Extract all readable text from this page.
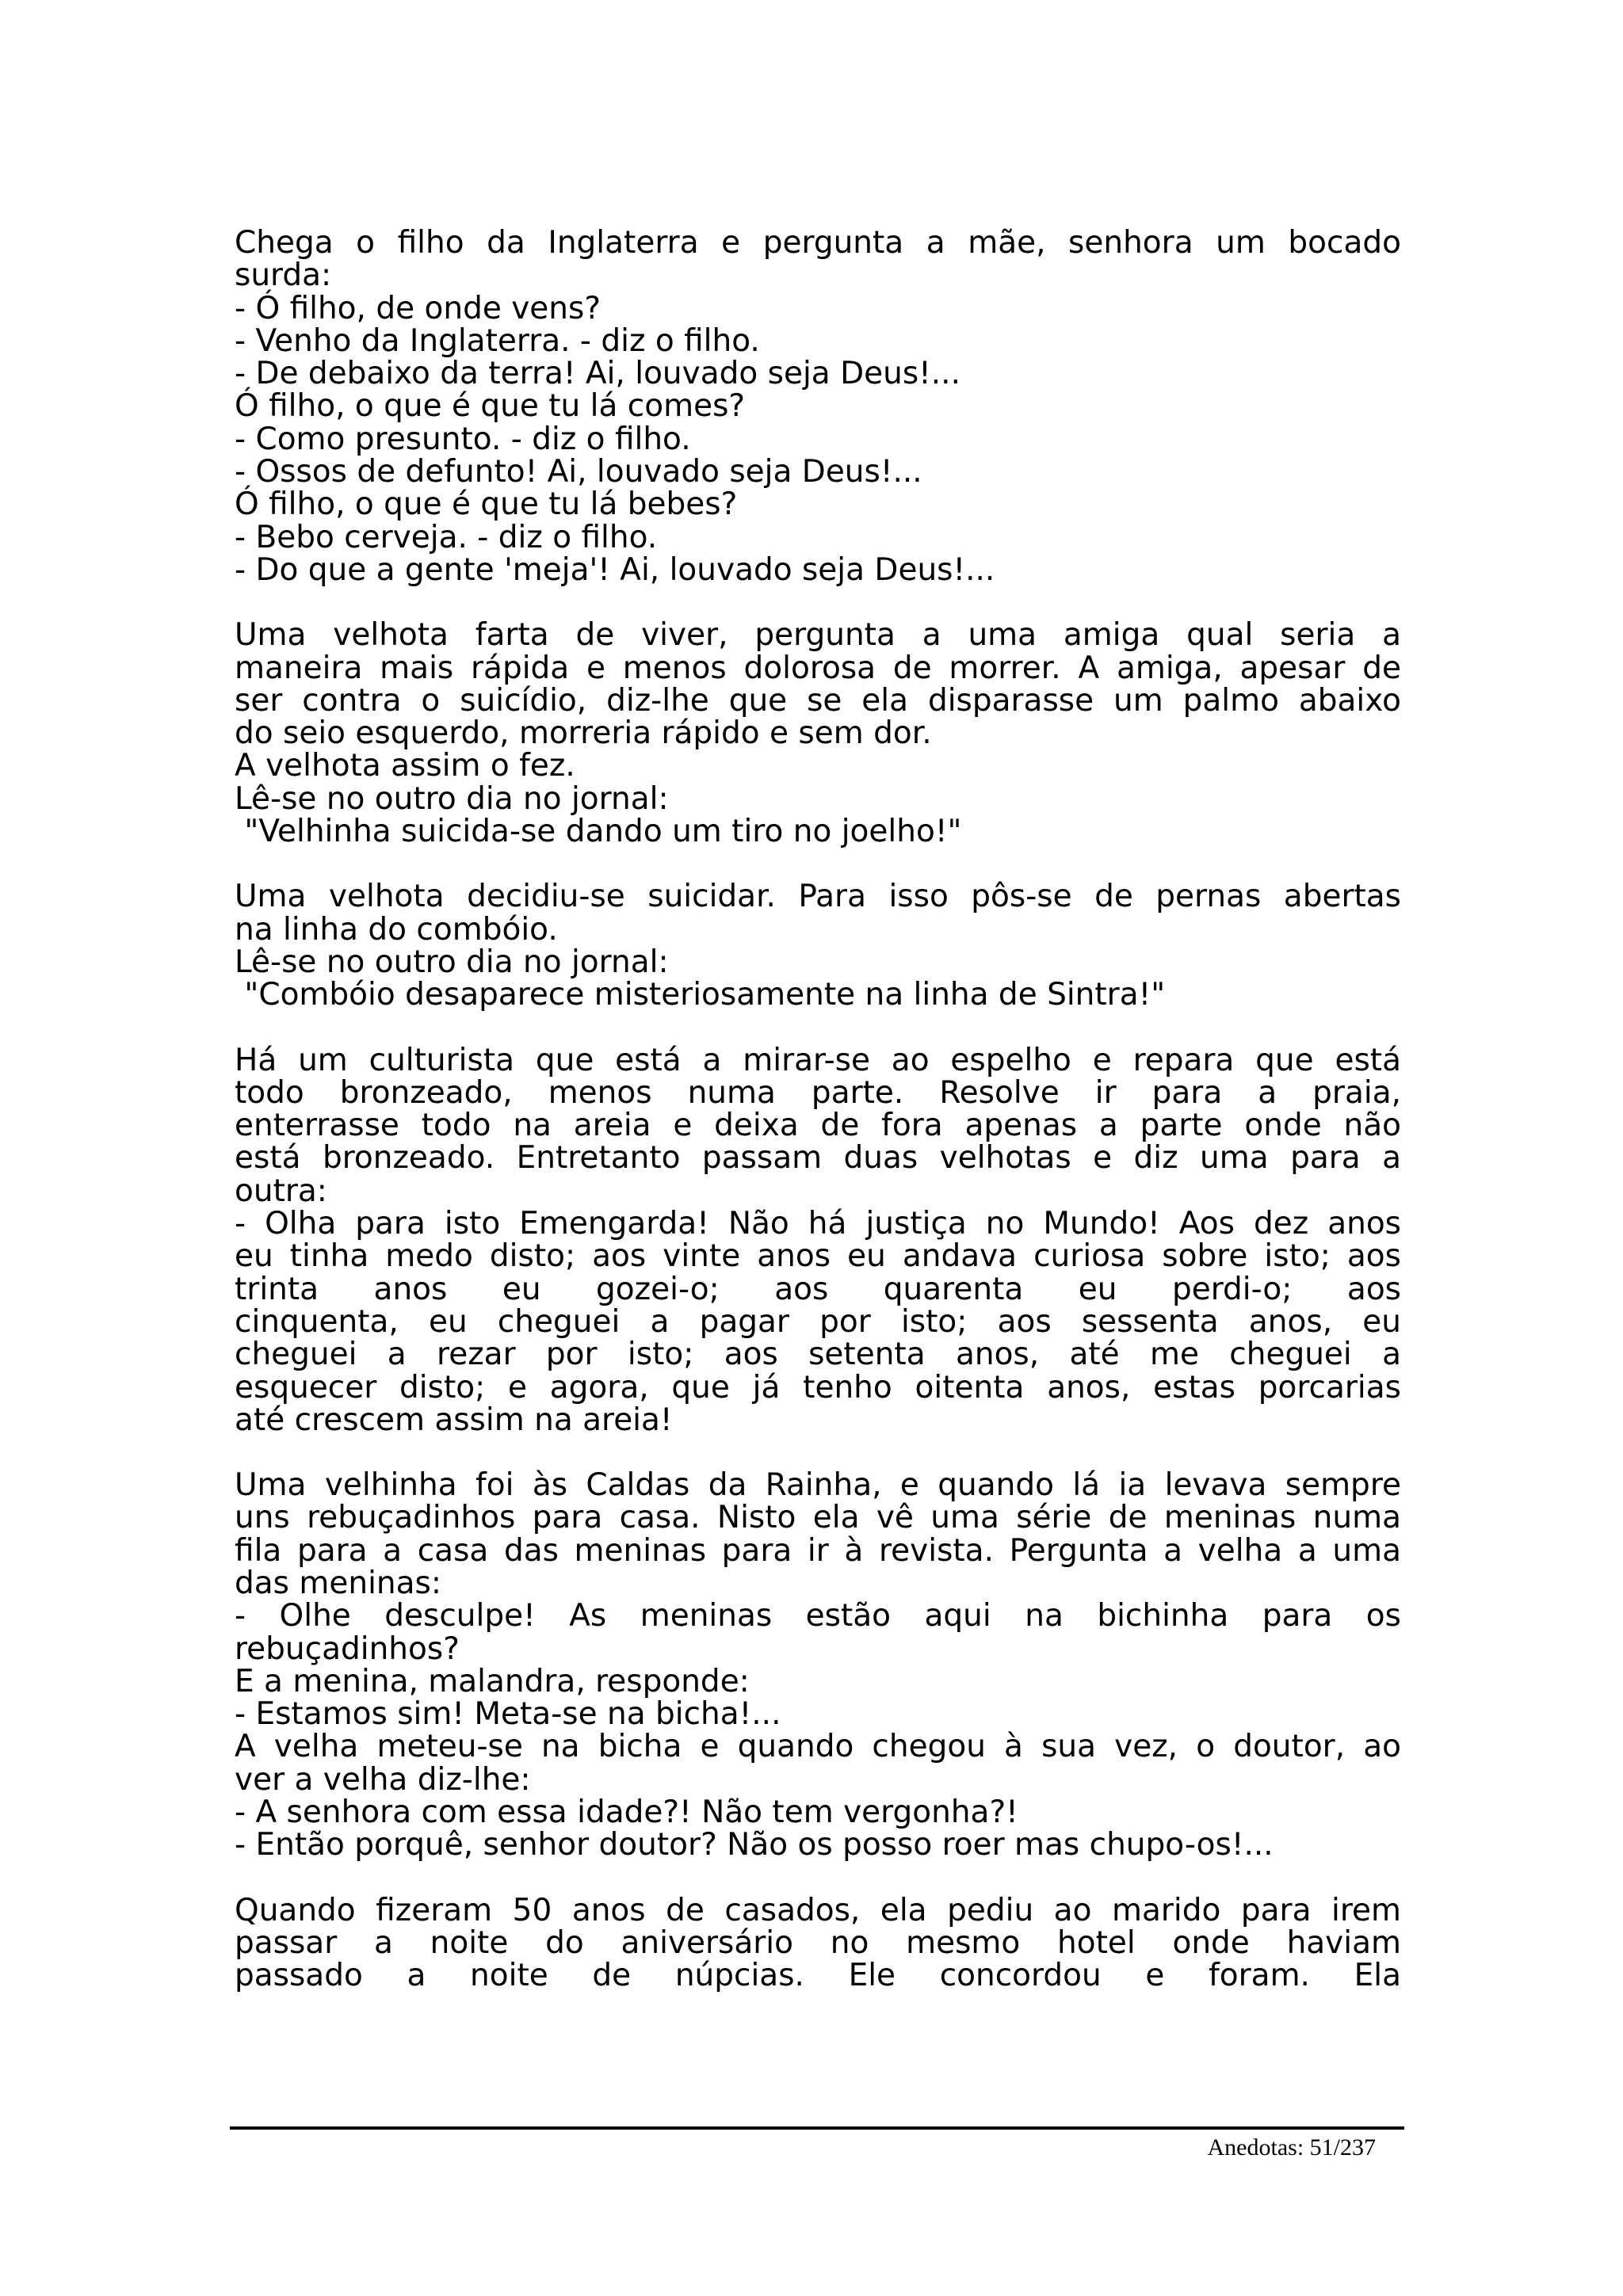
Chega o filho da Inglaterra e pergunta a mãe, senhora um bocado
surda:
- Ó filho, de onde vens?
- Venho da Inglaterra. - diz o filho.
- De debaixo da terra! Ai, louvado seja Deus!...
Ó filho, o que é que tu lá comes?
- Como presunto. - diz o filho.
- Ossos de defunto! Ai, louvado seja Deus!...
Ó filho, o que é que tu lá bebes?
- Bebo cerveja. - diz o filho.
- Do que a gente 'meja'! Ai, louvado seja Deus!...
Uma velhota farta de viver, pergunta a uma amiga qual seria a
maneira mais rápida e menos dolorosa de morrer. A amiga, apesar de
ser contra o suicídio, diz-lhe que se ela disparasse um palmo abaixo
do seio esquerdo, morreria rápido e sem dor.
A velhota assim o fez.
Lê-se no outro dia no jornal:
"Velhinha suicida-se dando um tiro no joelho!"
Uma velhota decidiu-se suicidar. Para isso pôs-se de pernas abertas
na linha do combóio.
Lê-se no outro dia no jornal:
"Combóio desaparece misteriosamente na linha de Sintra!"
Há um culturista que está a mirar-se ao espelho e repara que está
todo bronzeado, menos numa parte. Resolve ir para a praia,
enterrasse todo na areia e deixa de fora apenas a parte onde não
está bronzeado. Entretanto passam duas velhotas e diz uma para a
outra:
- Olha para isto Emengarda! Não há justiça no Mundo! Aos dez anos
eu tinha medo disto; aos vinte anos eu andava curiosa sobre isto; aos
trinta anos eu gozei-o; aos quarenta eu perdi-o; aos
cinquenta, eu cheguei a pagar por isto; aos sessenta anos, eu
cheguei a rezar por isto; aos setenta anos, até me cheguei a
esquecer disto; e agora, que já tenho oitenta anos, estas porcarias
até crescem assim na areia!
Uma velhinha foi às Caldas da Rainha, e quando lá ia levava sempre
uns rebuçadinhos para casa. Nisto ela vê uma série de meninas numa
fila para a casa das meninas para ir à revista. Pergunta a velha a uma
das meninas:
- Olhe desculpe! As meninas estão aqui na bichinha para os
rebuçadinhos?
E a menina, malandra, responde:
- Estamos sim! Meta-se na bicha!...
A velha meteu-se na bicha e quando chegou à sua vez, o doutor, ao
ver a velha diz-lhe:
- A senhora com essa idade?! Não tem vergonha?!
- Então porquê, senhor doutor? Não os posso roer mas chupo-os!...
Quando fizeram 50 anos de casados, ela pediu ao marido para irem
passar a noite do aniversário no mesmo hotel onde haviam
passado a noite de núpcias. Ele concordou e foram. Ela
Anedotas: 51/237
